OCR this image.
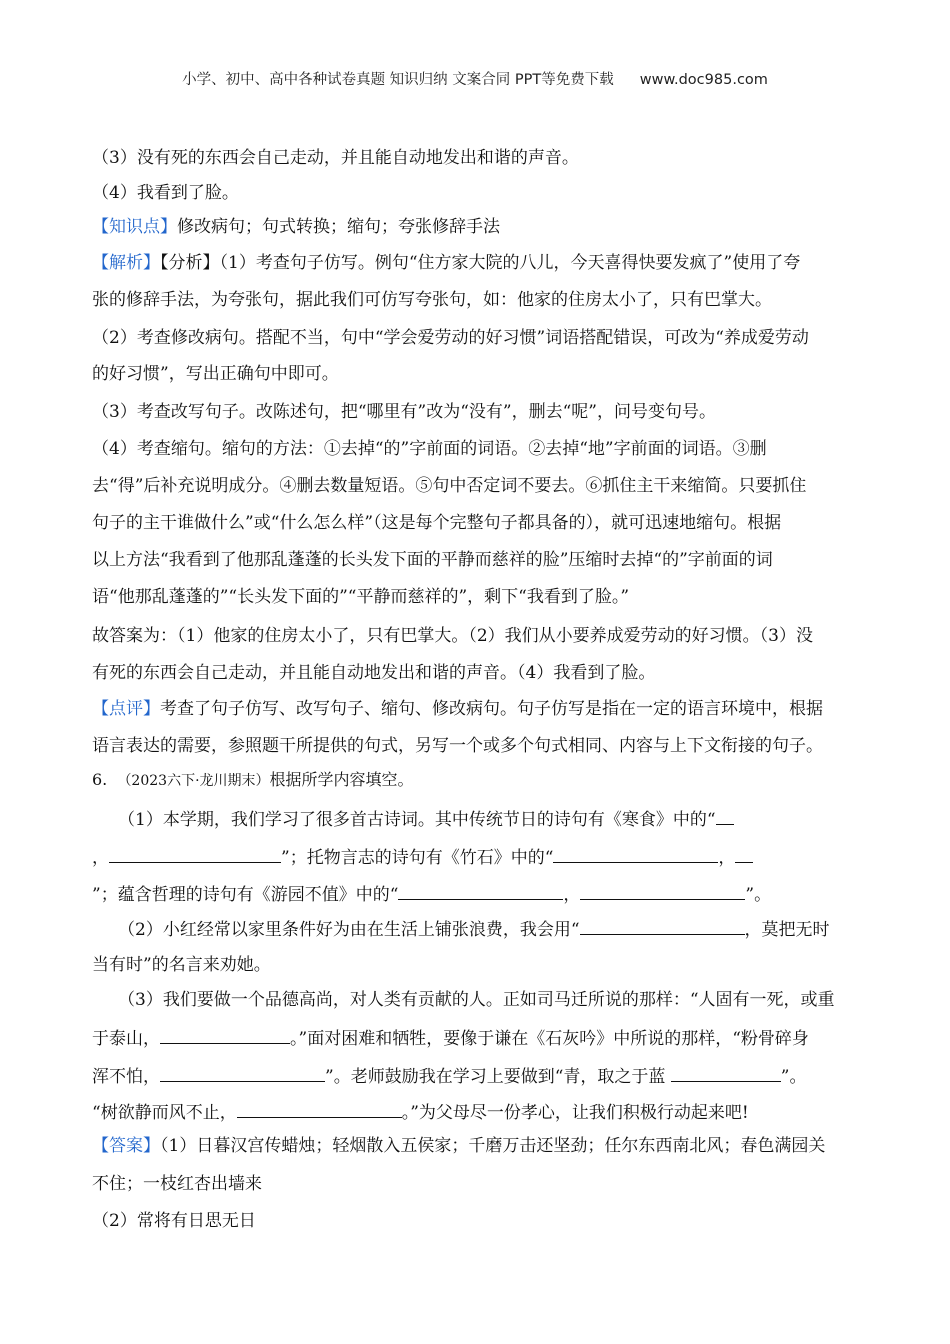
小学、初中、高中各种试卷真题 知识归纳 文案合同 PPT等免费下载 www.doc985.com
（3）没有死的东西会自己走动，并且能自动地发出和谐的声音。
（4）我看到了脸。
【知识点】修改病句；句式转换；缩句；夸张修辞手法
【解析】【分析】（1）考查句子仿写。例句“住方家大院的八儿，今天喜得快要发疯了”使用了夸
张的修辞手法，为夸张句，据此我们可仿写夸张句，如：他家的住房太小了，只有巴掌大。
（2）考查修改病句。搭配不当，句中“学会爱劳动的好习惯”词语搭配错误，可改为“养成爱劳动
的好习惯”，写出正确句中即可。
（3）考查改写句子。改陈述句，把“哪里有”改为“没有”，删去“呢”，问号变句号。
（4）考查缩句。缩句的方法：①去掉“的”字前面的词语。②去掉“地”字前面的词语。③删
去“得”后补充说明成分。④删去数量短语。⑤句中否定词不要去。⑥抓住主干来缩简。只要抓住
句子的主干谁做什么”或“什么怎么样”（这是每个完整句子都具备的），就可迅速地缩句。根据
以上方法“我看到了他那乱蓬蓬的长头发下面的平静而慈祥的脸”压缩时去掉“的”字前面的词
语“他那乱蓬蓬的”“长头发下面的”“平静而慈祥的”，剩下“我看到了脸。”
故答案为：（1）他家的住房太小了，只有巴掌大。（2）我们从小要养成爱劳动的好习惯。（3）没
有死的东西会自己走动，并且能自动地发出和谐的声音。（4）我看到了脸。
【点评】考查了句子仿写、改写句子、缩句、修改病句。句子仿写是指在一定的语言环境中，根据
语言表达的需要，参照题干所提供的句式，另写一个或多个句式相同、内容与上下文衔接的句子。
6. （2023六下·龙川期末）根据所学内容填空。
（1）本学期，我们学习了很多首古诗词。其中传统节日的诗句有《寒食》中的“
，	”；托物言志的诗句有《竹石》中的“	，
”；蕴含哲理的诗句有《游园不值》中的“	，	”。
（2）小红经常以家里条件好为由在生活上铺张浪费，我会用“	，莫把无时
当有时”的名言来劝她。
（3）我们要做一个品德高尚，对人类有贡献的人。正如司马迁所说的那样：“人固有一死，或重
于泰山，	。”面对困难和牺牲，要像于谦在《石灰吟》中所说的那样，“粉骨碎身
浑不怕，	”。老师鼓励我在学习上要做到“青，取之于蓝	”。
“树欲静而风不止，	。”为父母尽一份孝心，让我们积极行动起来吧!
【答案】（1）日暮汉宫传蜡烛；轻烟散入五侯家；千磨万击还坚劲；任尔东西南北风；春色满园关
不住；一枝红杏出墙来
（2）常将有日思无日
